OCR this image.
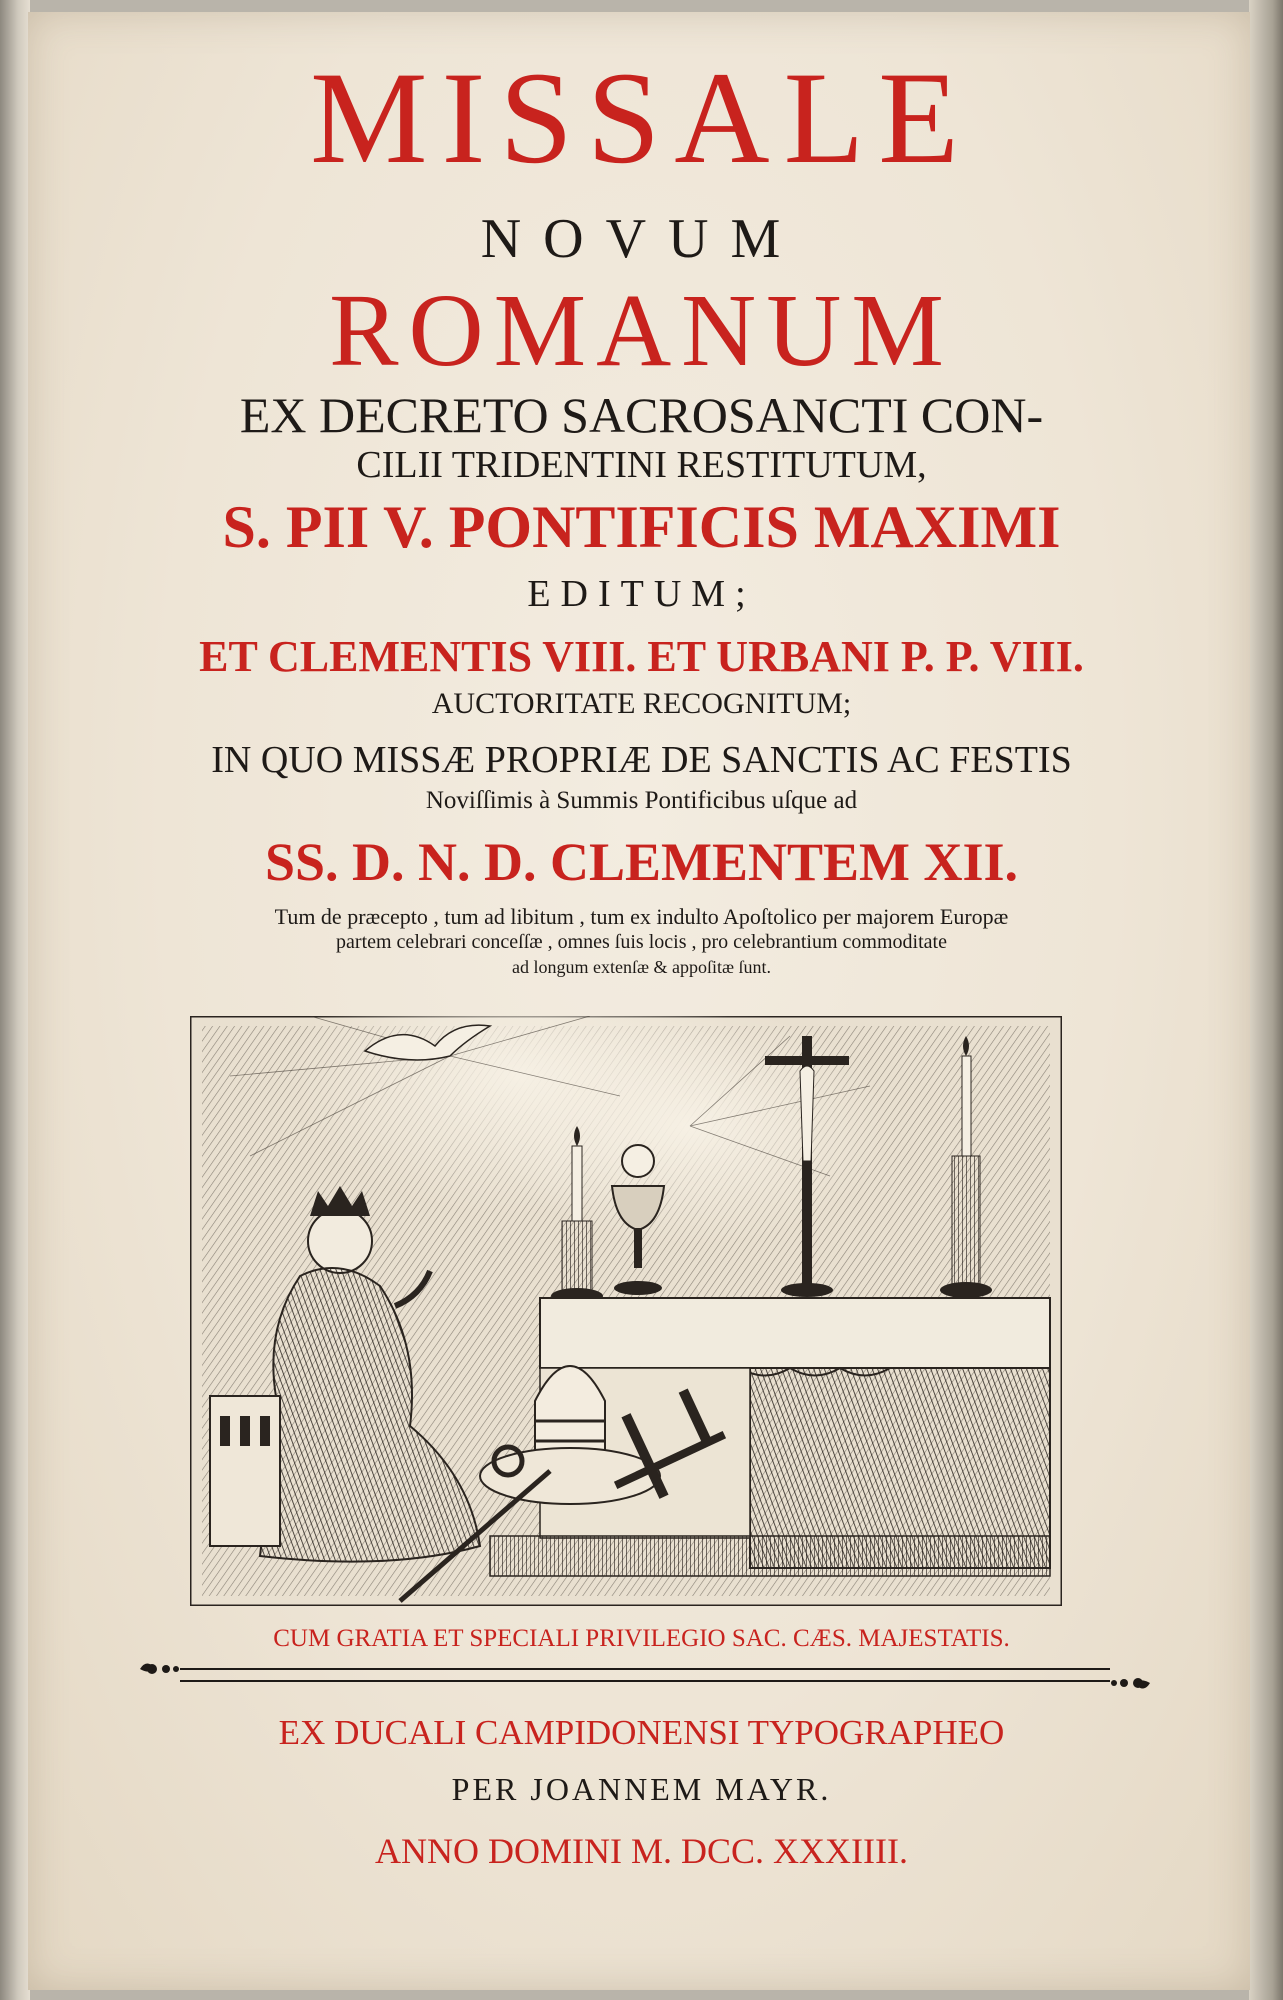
MISSALE
NOVUM
ROMANUM
EX DECRETO SACROSANCTI CON-
CILII TRIDENTINI RESTITUTUM,
S. PII V. PONTIFICIS MAXIMI
EDITUM;
ET CLEMENTIS VIII. ET URBANI P. P. VIII.
AUCTORITATE RECOGNITUM;
IN QUO MISSÆ PROPRIÆ DE SANCTIS AC FESTIS
Noviſſimis à Summis Pontificibus uſque ad
SS. D. N. D. CLEMENTEM XII.
Tum de præcepto , tum ad libitum , tum ex indulto Apoſtolico per majorem Europæ
partem celebrari conceſſæ , omnes ſuis locis , pro celebrantium commoditate
ad longum extenſæ & appoſitæ ſunt.
CUM GRATIA ET SPECIALI PRIVILEGIO SAC. CÆS. MAJESTATIS.
EX DUCALI CAMPIDONENSI TYPOGRAPHEO
PER JOANNEM MAYR.
ANNO DOMINI M. DCC. XXXIIII.
